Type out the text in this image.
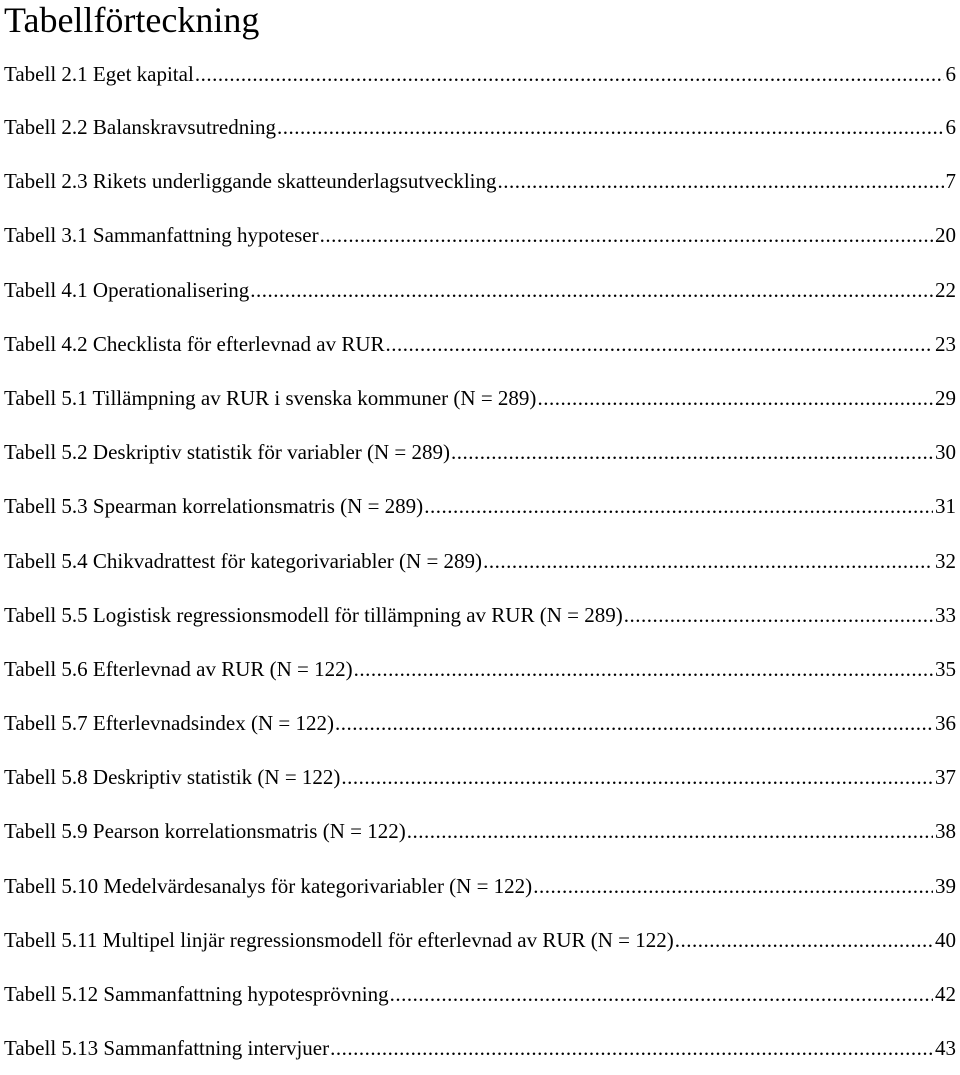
Tabellförteckning
Tabell 2.1 Eget kapital .....	6
Tabell 2.2 Balanskravsutredning .....	6
Tabell 2.3 Rikets underliggande skatteunderlagsutveckling .....	7
Tabell 3.1 Sammanfattning hypoteser .....	20
Tabell 4.1 Operationalisering .....	22
Tabell 4.2 Checklista för efterlevnad av RUR .....	23
Tabell 5.1 Tillämpning av RUR i svenska kommuner (N = 289) .....	29
Tabell 5.2 Deskriptiv statistik för variabler (N = 289) .....	30
Tabell 5.3 Spearman korrelationsmatris (N = 289) .....	31
Tabell 5.4 Chikvadrattest för kategorivariabler (N = 289) .....	32
Tabell 5.5 Logistisk regressionsmodell för tillämpning av RUR (N = 289) .....	33
Tabell 5.6 Efterlevnad av RUR (N = 122) .....	35
Tabell 5.7 Efterlevnadsindex (N = 122) .....	36
Tabell 5.8 Deskriptiv statistik (N = 122) .....	37
Tabell 5.9 Pearson korrelationsmatris (N = 122) .....	38
Tabell 5.10 Medelvärdesanalys för kategorivariabler (N = 122) .....	39
Tabell 5.11 Multipel linjär regressionsmodell för efterlevnad av RUR (N = 122) .....	40
Tabell 5.12 Sammanfattning hypotesprövning .....	42
Tabell 5.13 Sammanfattning intervjuer .....	43
